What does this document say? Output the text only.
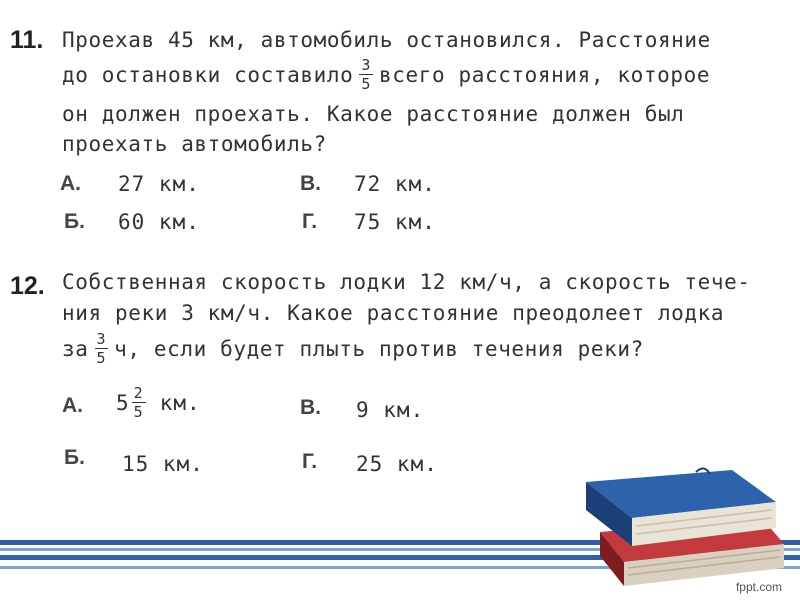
11. Проехав 45 км, автомобиль остановился. Расстояние
до остановки составило $\frac{3}{5}$ всего расстояния, которое
он должен проехать. Какое расстояние должен был
проехать автомобиль?
А. 27 км.
Б. 60 км.
В. 72 км.
Г. 75 км.
12. Собственная скорость лодки 12 км/ч, а скорость тече-
ния реки 3 км/ч. Какое расстояние преодолеет лодка
за $\frac{3}{5} ч$, если будет плыть против течения реки?
А. $5 \frac{2}{5}$ км.
Б. 15 км.
В. 9 км.
Г. 25 км.
fppt.com
